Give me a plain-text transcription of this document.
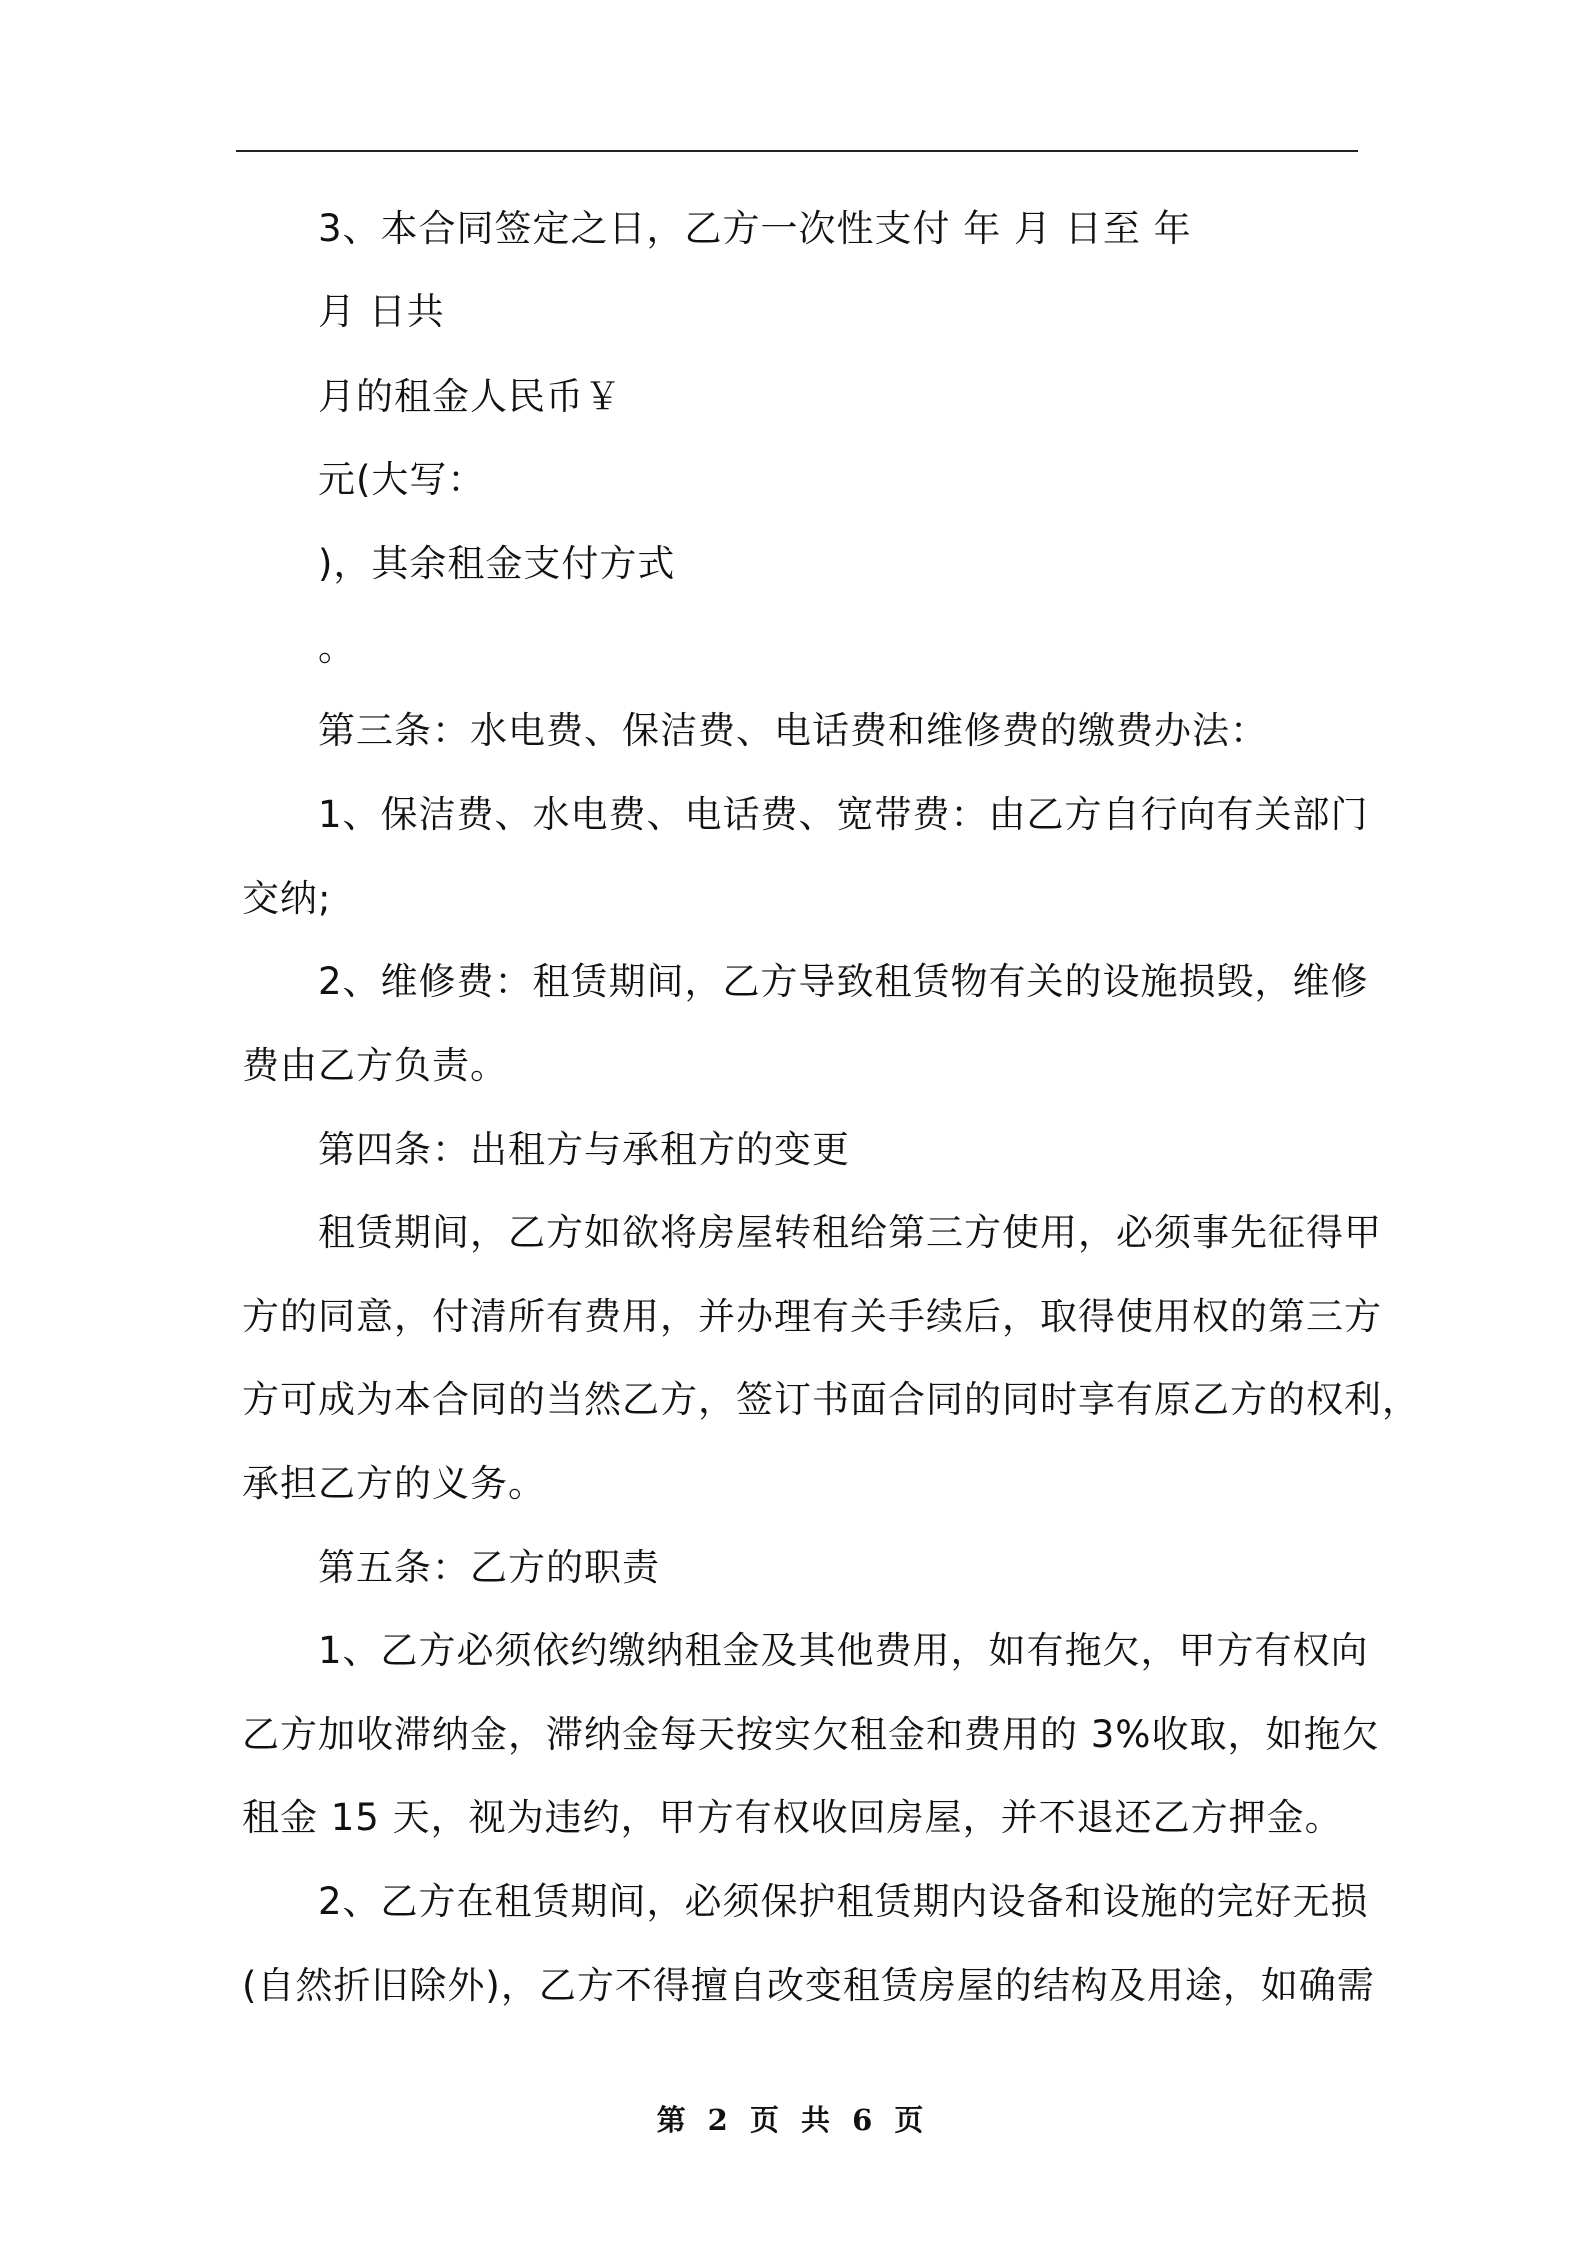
3、本合同签定之日，乙方一次性支付 年 月 日至 年
月 日共
月的租金人民币￥
元(大写：
)，其余租金支付方式
。
第三条：水电费、保洁费、电话费和维修费的缴费办法：
1、保洁费、水电费、电话费、宽带费：由乙方自行向有关部门
交纳;
2、维修费：租赁期间，乙方导致租赁物有关的设施损毁，维修
费由乙方负责。
第四条：出租方与承租方的变更
租赁期间，乙方如欲将房屋转租给第三方使用，必须事先征得甲
方的同意，付清所有费用，并办理有关手续后，取得使用权的第三方
方可成为本合同的当然乙方，签订书面合同的同时享有原乙方的权利，
承担乙方的义务。
第五条：乙方的职责
1、乙方必须依约缴纳租金及其他费用，如有拖欠，甲方有权向
乙方加收滞纳金，滞纳金每天按实欠租金和费用的 3%收取，如拖欠
租金 15 天，视为违约，甲方有权收回房屋，并不退还乙方押金。
2、乙方在租赁期间，必须保护租赁期内设备和设施的完好无损
(自然折旧除外)，乙方不得擅自改变租赁房屋的结构及用途，如确需
第 2 页 共 6 页
